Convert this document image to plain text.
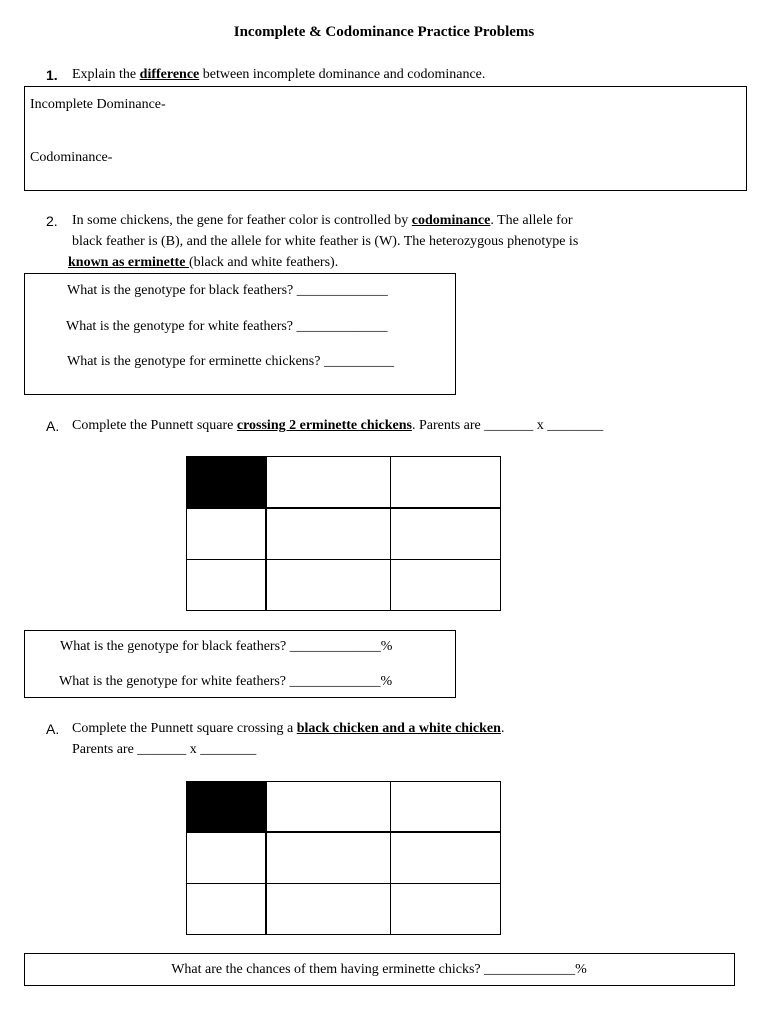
Incomplete & Codominance Practice Problems
1. Explain the difference between incomplete dominance and codominance.
Incomplete Dominance-
Codominance-
2. In some chickens, the gene for feather color is controlled by codominance. The allele for
black feather is (B), and the allele for white feather is (W). The heterozygous phenotype is
known as erminette (black and white feathers).
What is the genotype for black feathers? _____________
What is the genotype for white feathers? _____________
What is the genotype for erminette chickens? __________
A. Complete the Punnett square crossing 2 erminette chickens. Parents are _______ x ________

What is the genotype for black feathers? _____________%
What is the genotype for white feathers? _____________%
A. Complete the Punnett square crossing a black chicken and a white chicken.
Parents are _______ x ________

What are the chances of them having erminette chicks? _____________%
